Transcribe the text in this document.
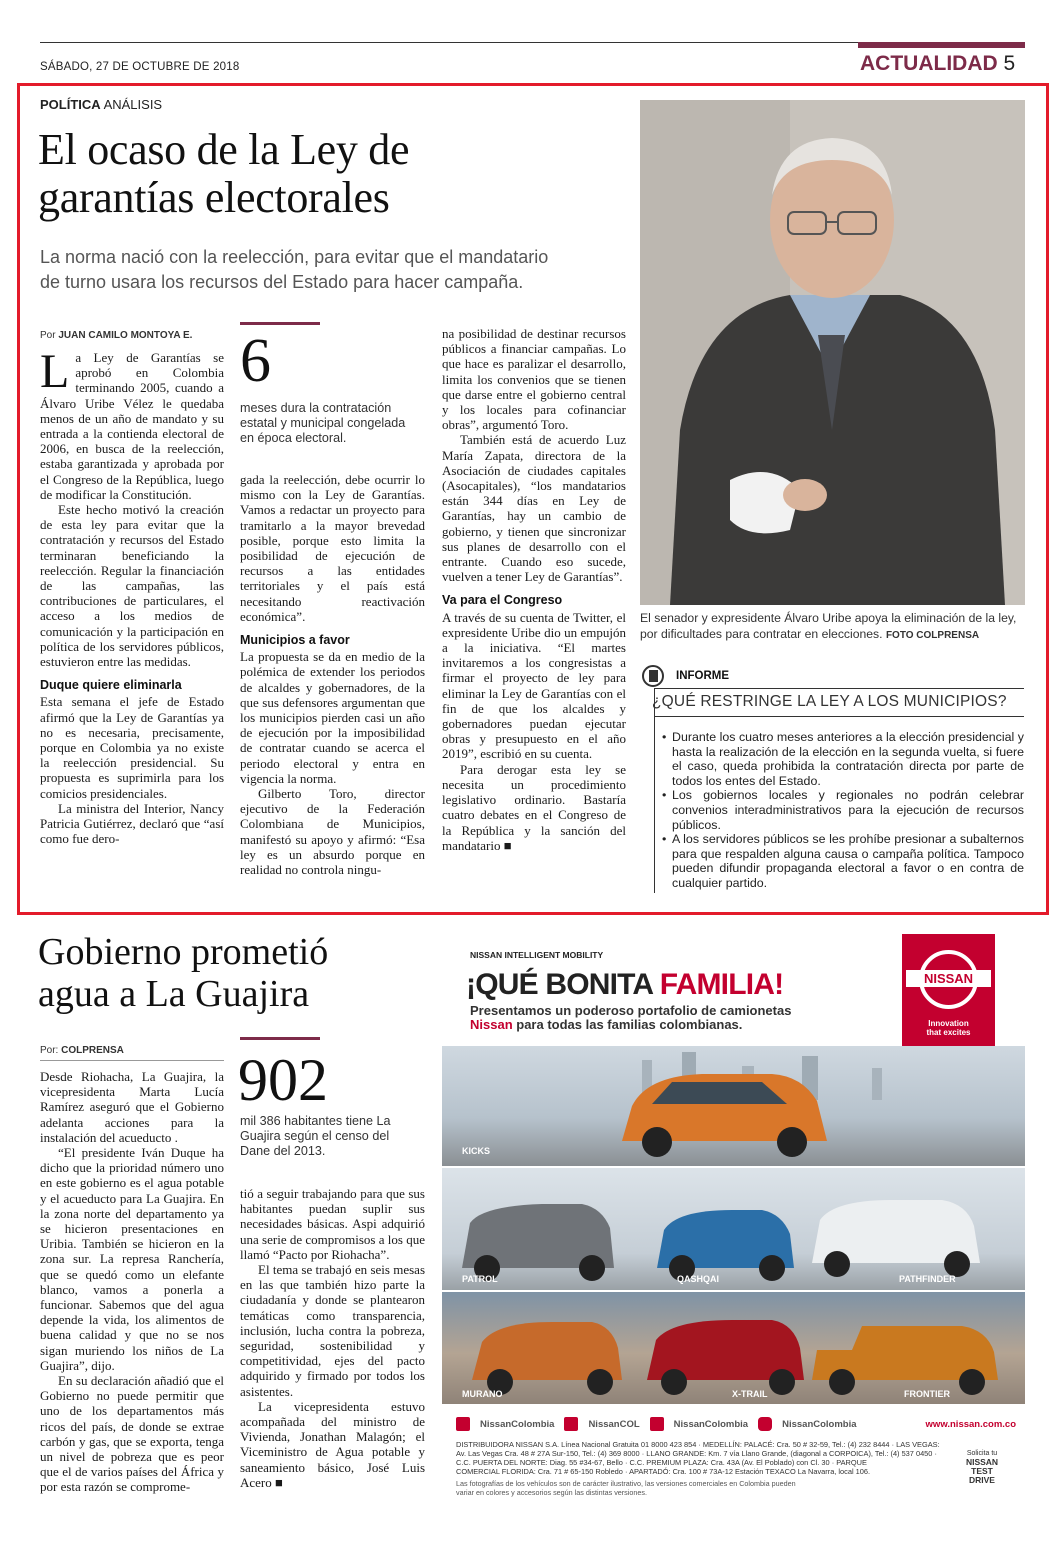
SÁBADO, 27 DE OCTUBRE DE 2018	ACTUALIDAD 5
POLÍTICA ANÁLISIS
El ocaso de la Ley de
garantías electorales
La norma nació con la reelección, para evitar que el mandatario
de turno usara los recursos del Estado para hacer campaña.
Por JUAN CAMILO MONTOYA E.
L a Ley de Garantías se aprobó en Colombia terminando 2005, cuando a Álvaro Uribe Vélez le quedaba menos de un año de mandato y su entrada a la contienda electoral de 2006, en busca de la reelección, estaba garantizada y aprobada por el Congreso de la República, luego de modificar la Constitución.

Este hecho motivó la creación de esta ley para evitar que la contratación y recursos del Estado terminaran beneficiando la reelección. Regular la financiación de las campañas, las contribuciones de particulares, el acceso a los medios de comunicación y la participación en política de los servidores públicos, estuvieron entre las medidas.

Duque quiere eliminarla

Esta semana el jefe de Estado afirmó que la Ley de Garantías ya no es necesaria, precisamente, porque en Colombia ya no existe la reelección presidencial. Su propuesta es suprimirla para los comicios presidenciales.

La ministra del Interior, Nancy Patricia Gutiérrez, declaró que “así como fue dero-

6
meses dura la contratación estatal y municipal congelada en época electoral.

gada la reelección, debe ocurrir lo mismo con la Ley de Garantías. Vamos a redactar un proyecto para tramitarlo a la mayor brevedad posible, porque esto limita la posibilidad de ejecución de recursos a las entidades territoriales y el país está necesitando reactivación económica”.

Municipios a favor

La propuesta se da en medio de la polémica de extender los periodos de alcaldes y gobernadores, de la que sus defensores argumentan que los municipios pierden casi un año de ejecución por la imposibilidad de contratar cuando se acerca el periodo electoral y entra en vigencia la norma.

Gilberto Toro, director ejecutivo de la Federación Colombiana de Municipios, manifestó su apoyo y afirmó: “Esa ley es un absurdo porque en realidad no controla ningu-

na posibilidad de destinar recursos públicos a financiar campañas. Lo que hace es paralizar el desarrollo, limita los convenios que se tienen que darse entre el gobierno central y los locales para cofinanciar obras”, argumentó Toro.

También está de acuerdo Luz María Zapata, directora de la Asociación de ciudades capitales (Asocapitales), “los mandatarios están 344 días en Ley de Garantías, hay un cambio de gobierno, y tienen que sincronizar sus planes de desarrollo con el entrante. Cuando eso sucede, vuelven a tener Ley de Garantías”.

Va para el Congreso

A través de su cuenta de Twitter, el expresidente Uribe dio un empujón a la iniciativa. “El martes invitaremos a los congresistas a firmar el proyecto de ley para eliminar la Ley de Garantías con el fin de que los alcaldes y gobernadores puedan ejecutar obras y presupuesto en el año 2019”, escribió en su cuenta.

Para derogar esta ley se necesita un procedimiento legislativo ordinario. Bastaría cuatro debates en el Congreso de la República y la sanción del mandatario ■

El senador y expresidente Álvaro Uribe apoya la eliminación de la ley, por dificultades para contratar en elecciones. FOTO COLPRENSA
INFORME
¿QUÉ RESTRINGE LA LEY A LOS MUNICIPIOS?
• Durante los cuatro meses anteriores a la elección presidencial y hasta la realización de la elección en la segunda vuelta, si fuere el caso, queda prohibida la contratación directa por parte de todos los entes del Estado.
• Los gobiernos locales y regionales no podrán celebrar convenios interadministrativos para la ejecución de recursos públicos.
• A los servidores públicos se les prohíbe presionar a subalternos para que respalden alguna causa o campaña política. Tampoco pueden difundir propaganda electoral a favor o en contra de cualquier partido.
Gobierno prometió
agua a La Guajira
Por: COLPRENSA

Desde Riohacha, La Guajira, la vicepresidenta Marta Lucía Ramírez aseguró que el Gobierno adelanta acciones para la instalación del acueducto .

“El presidente Iván Duque ha dicho que la prioridad número uno en este gobierno es el agua potable y el acueducto para La Guajira. En la zona norte del departamento ya se hicieron presentaciones en Uribia. También se hicieron en la zona sur. La represa Ranchería, que se quedó como un elefante blanco, vamos a ponerla a funcionar. Sabemos que del agua depende la vida, los alimentos de buena calidad y que no se nos sigan muriendo los niños de La Guajira”, dijo.

En su declaración añadió que el Gobierno no puede permitir que uno de los departamentos más ricos del país, de donde se extrae carbón y gas, que se exporta, tenga un nivel de pobreza que es peor que el de varios países del África y por esta razón se comprome-

902
mil 386 habitantes tiene La Guajira según el censo del Dane del 2013.

tió a seguir trabajando para que sus habitantes puedan suplir sus necesidades básicas. Aspi adquirió una serie de compromisos a los que llamó “Pacto por Riohacha”.

El tema se trabajó en seis mesas en las que también hizo parte la ciudadanía y donde se plantearon temáticas como transparencia, inclusión, lucha contra la pobreza, seguridad, sostenibilidad y competitividad, ejes del pacto adquirido y firmado por todos los asistentes.

La vicepresidenta estuvo acompañada del ministro de Vivienda, Jonathan Malagón; el Viceministro de Agua potable y saneamiento básico, José Luis Acero ■

NISSAN INTELLIGENT MOBILITY
¡QUÉ BONITA FAMILIA!
Presentamos un poderoso portafolio de camionetas
Nissan para todas las familias colombianas.
NISSAN
Innovation
that excites
KICKS
PATROL	QASHQAI	PATHFINDER
MURANO	X-TRAIL	FRONTIER
NissanColombia	NissanCOL	NissanColombia	NissanColombia	www.nissan.com.co
DISTRIBUIDORA NISSAN S.A. Línea Nacional Gratuita 01 8000 423 854 · MEDELLÍN: PALACÉ: Cra. 50 # 32-59, Tel.: (4) 232 8444 · LAS VEGAS:
Av. Las Vegas Cra. 48 # 27A Sur-150, Tel.: (4) 369 8000 · LLANO GRANDE: Km. 7 vía Llano Grande, (diagonal a CORPOICA), Tel.: (4) 537 0450 ·
C.C. PUERTA DEL NORTE: Diag. 55 #34-67, Bello · C.C. PREMIUM PLAZA: Cra. 43A (Av. El Poblado) con Cl. 30 · PARQUE
COMERCIAL FLORIDA: Cra. 71 # 65-150 Robledo · APARTADÓ: Cra. 100 # 73A-12 Estación TEXACO La Navarra, local 106.
Las fotografías de los vehículos son de carácter ilustrativo, las versiones comerciales en Colombia pueden
variar en colores y accesorios según las distintas versiones.
Solicita tu
NISSAN
TEST
DRIVE
